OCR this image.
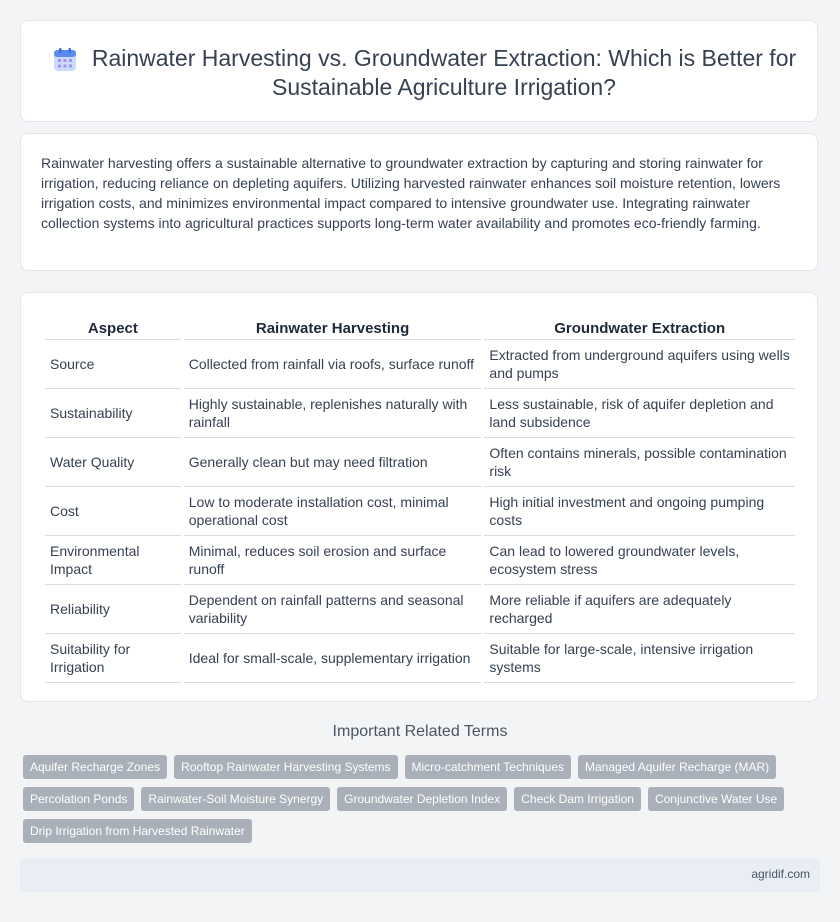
Rainwater Harvesting vs. Groundwater Extraction: Which is Better for Sustainable Agriculture Irrigation?

Rainwater harvesting offers a sustainable alternative to groundwater extraction by capturing and storing rainwater for irrigation, reducing reliance on depleting aquifers. Utilizing harvested rainwater enhances soil moisture retention, lowers irrigation costs, and minimizes environmental impact compared to intensive groundwater use. Integrating rainwater collection systems into agricultural practices supports long-term water availability and promotes eco-friendly farming.

Aspect	Rainwater Harvesting	Groundwater Extraction
Source	Collected from rainfall via roofs, surface runoff	Extracted from underground aquifers using wells and pumps
Sustainability	Highly sustainable, replenishes naturally with rainfall	Less sustainable, risk of aquifer depletion and land subsidence
Water Quality	Generally clean but may need filtration	Often contains minerals, possible contamination risk
Cost	Low to moderate installation cost, minimal operational cost	High initial investment and ongoing pumping costs
Environmental Impact	Minimal, reduces soil erosion and surface runoff	Can lead to lowered groundwater levels, ecosystem stress
Reliability	Dependent on rainfall patterns and seasonal variability	More reliable if aquifers are adequately recharged
Suitability for Irrigation	Ideal for small-scale, supplementary irrigation	Suitable for large-scale, intensive irrigation systems
Important Related Terms
Aquifer Recharge Zones	Rooftop Rainwater Harvesting Systems	Micro-catchment Techniques	Managed Aquifer Recharge (MAR)
Percolation Ponds	Rainwater-Soil Moisture Synergy	Groundwater Depletion Index	Check Dam Irrigation	Conjunctive Water Use
Drip Irrigation from Harvested Rainwater
agridif.com
